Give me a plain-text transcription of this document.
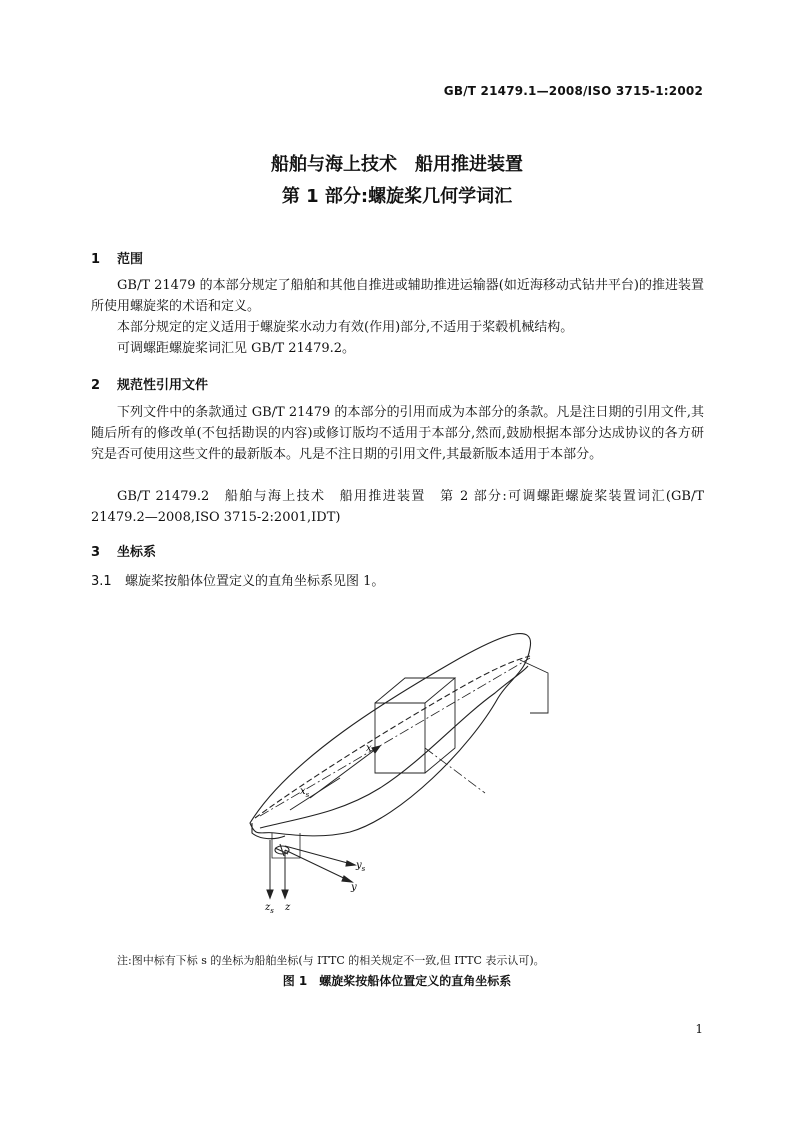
GB/T 21479.1—2008/ISO 3715-1:2002
船舶与海上技术　船用推进装置
第 1 部分:螺旋桨几何学词汇
1 范围

GB/T 21479 的本部分规定了船舶和其他自推进或辅助推进运输器(如近海移动式钻井平台)的推进装置所使用螺旋桨的术语和定义。

本部分规定的定义适用于螺旋桨水动力有效(作用)部分,不适用于桨毂机械结构。

可调螺距螺旋桨词汇见 GB/T 21479.2。

2 规范性引用文件

下列文件中的条款通过 GB/T 21479 的本部分的引用而成为本部分的条款。凡是注日期的引用文件,其随后所有的修改单(不包括勘误的内容)或修订版均不适用于本部分,然而,鼓励根据本部分达成协议的各方研究是否可使用这些文件的最新版本。凡是不注日期的引用文件,其最新版本适用于本部分。

GB/T 21479.2　船舶与海上技术　船用推进装置　第 2 部分:可调螺距螺旋桨装置词汇(GB/T 21479.2—2008,ISO 3715-2:2001,IDT)

3 坐标系
3.1 螺旋桨按船体位置定义的直角坐标系见图 1。
x
$x_s$
$y_s$
y
$z_s$ z
注:图中标有下标 s 的坐标为船舶坐标(与 ITTC 的相关规定不一致,但 ITTC 表示认可)。
图 1　螺旋桨按船体位置定义的直角坐标系
1
